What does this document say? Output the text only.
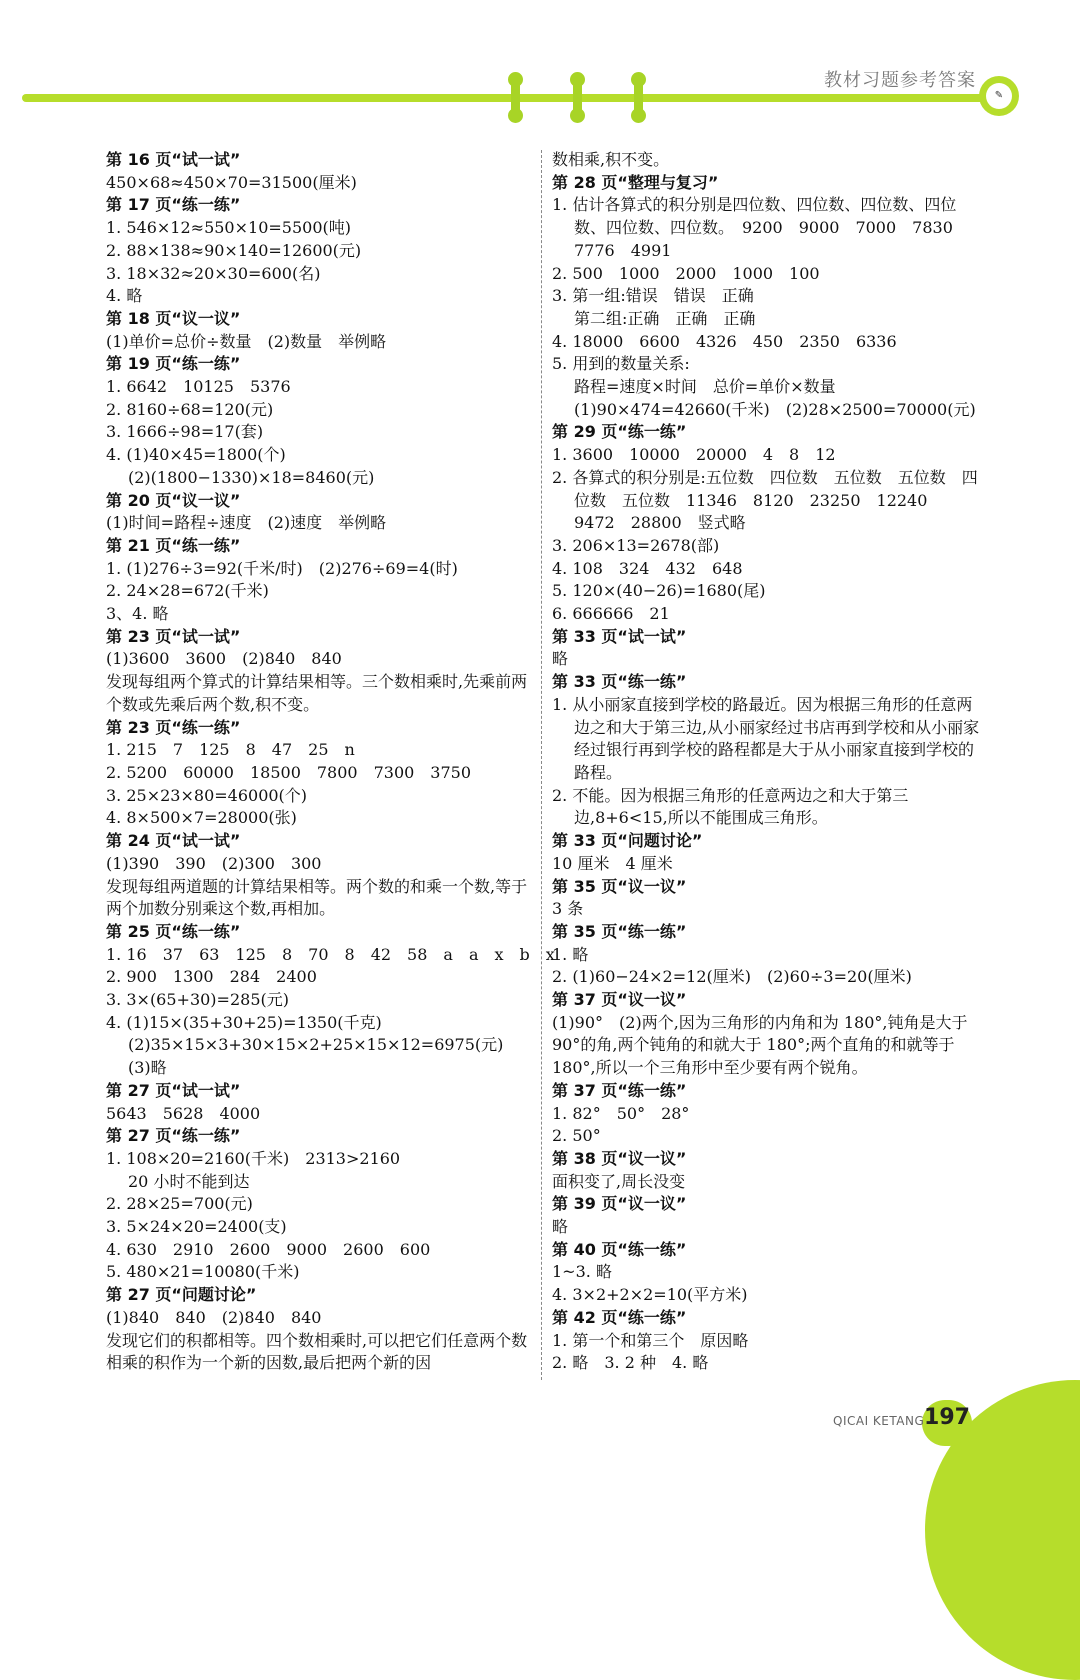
教材习题参考答案
✎
第 16 页“试一试”
450×68≈450×70=31500(厘米)
第 17 页“练一练”
1. 546×12≈550×10=5500(吨)
2. 88×138≈90×140=12600(元)
3. 18×32≈20×30=600(名)
4. 略
第 18 页“议一议”
(1)单价=总价÷数量　(2)数量　举例略
第 19 页“练一练”
1. 6642　10125　5376
2. 8160÷68=120(元)
3. 1666÷98=17(套)
4. (1)40×45=1800(个)
(2)(1800−1330)×18=8460(元)
第 20 页“议一议”
(1)时间=路程÷速度　(2)速度　举例略
第 21 页“练一练”
1. (1)276÷3=92(千米/时)　(2)276÷69=4(时)
2. 24×28=672(千米)
3、4. 略
第 23 页“试一试”
(1)3600　3600　(2)840　840
发现每组两个算式的计算结果相等。三个数相乘时,先乘前两个数或先乘后两个数,积不变。
第 23 页“练一练”
1. 215　7　125　8　47　25　n
2. 5200　60000　18500　7800　7300　3750
3. 25×23×80=46000(个)
4. 8×500×7=28000(张)
第 24 页“试一试”
(1)390　390　(2)300　300
发现每组两道题的计算结果相等。两个数的和乘一个数,等于两个加数分别乘这个数,再相加。
第 25 页“练一练”
1. 16　37　63　125　8　70　8　42　58　a　a　x　b　x
2. 900　1300　284　2400
3. 3×(65+30)=285(元)
4. (1)15×(35+30+25)=1350(千克)
(2)35×15×3+30×15×2+25×15×12=6975(元)
(3)略
第 27 页“试一试”
5643　5628　4000
第 27 页“练一练”
1. 108×20=2160(千米)　2313>2160
20 小时不能到达
2. 28×25=700(元)
3. 5×24×20=2400(支)
4. 630　2910　2600　9000　2600　600
5. 480×21=10080(千米)
第 27 页“问题讨论”
(1)840　840　(2)840　840
发现它们的积都相等。四个数相乘时,可以把它们任意两个数相乘的积作为一个新的因数,最后把两个新的因
数相乘,积不变。
第 28 页“整理与复习”
1. 估计各算式的积分别是四位数、四位数、四位数、四位数、四位数、四位数。　9200　9000　7000　7830　7776　4991
2. 500　1000　2000　1000　100
3. 第一组:错误　错误　正确
第二组:正确　正确　正确
4. 18000　6600　4326　450　2350　6336
5. 用到的数量关系:
路程=速度×时间　总价=单价×数量
(1)90×474=42660(千米)　(2)28×2500=70000(元)
第 29 页“练一练”
1. 3600　10000　20000　4　8　12
2. 各算式的积分别是:五位数　四位数　五位数　五位数　四位数　五位数　11346　8120　23250　12240　9472　28800　竖式略
3. 206×13=2678(部)
4. 108　324　432　648
5. 120×(40−26)=1680(尾)
6. 666666　21
第 33 页“试一试”
略
第 33 页“练一练”
1. 从小丽家直接到学校的路最近。因为根据三角形的任意两边之和大于第三边,从小丽家经过书店再到学校和从小丽家经过银行再到学校的路程都是大于从小丽家直接到学校的路程。
2. 不能。因为根据三角形的任意两边之和大于第三边,8+6<15,所以不能围成三角形。
第 33 页“问题讨论”
10 厘米　4 厘米
第 35 页“议一议”
3 条
第 35 页“练一练”
1. 略
2. (1)60−24×2=12(厘米)　(2)60÷3=20(厘米)
第 37 页“议一议”
(1)90°　(2)两个,因为三角形的内角和为 180°,钝角是大于 90°的角,两个钝角的和就大于 180°;两个直角的和就等于 180°,所以一个三角形中至少要有两个锐角。
第 37 页“练一练”
1. 82°　50°　28°
2. 50°
第 38 页“议一议”
面积变了,周长没变
第 39 页“议一议”
略
第 40 页“练一练”
1~3. 略
4. 3×2+2×2=10(平方米)
第 42 页“练一练”
1. 第一个和第三个　原因略
2. 略　3. 2 种　4. 略
197
QICAI KETANG
